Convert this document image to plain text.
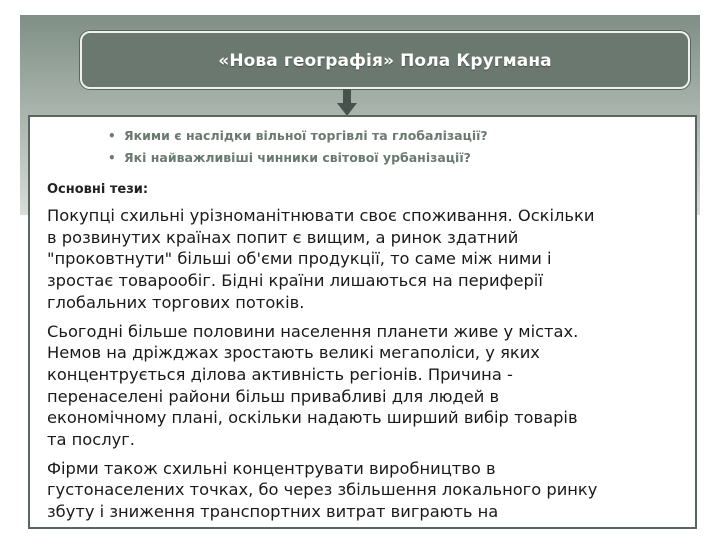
«Нова географія» Пола Кругмана
• Якими є наслідки вільної торгівлі та глобалізації?
• Які найважливіші чинники світової урбанізації?
Основні тези:

Покупці схильні урізноманітнювати своє споживання. Оскільки
в розвинутих країнах попит є вищим, а ринок здатний
"проковтнути" більші об'єми продукції, то саме між ними і
зростає товарообіг. Бідні країни лишаються на периферії
глобальних торгових потоків.

Сьогодні більше половини населення планети живе у містах.
Немов на дріжджах зростають великі мегаполіси, у яких
концентрується ділова активність регіонів. Причина -
перенаселені райони більш привабливі для людей в
економічному плані, оскільки надають ширший вибір товарів
та послуг.

Фірми також схильні концентрувати виробництво в
густонаселених точках, бо через збільшення локального ринку
збуту і зниження транспортних витрат виграють на
